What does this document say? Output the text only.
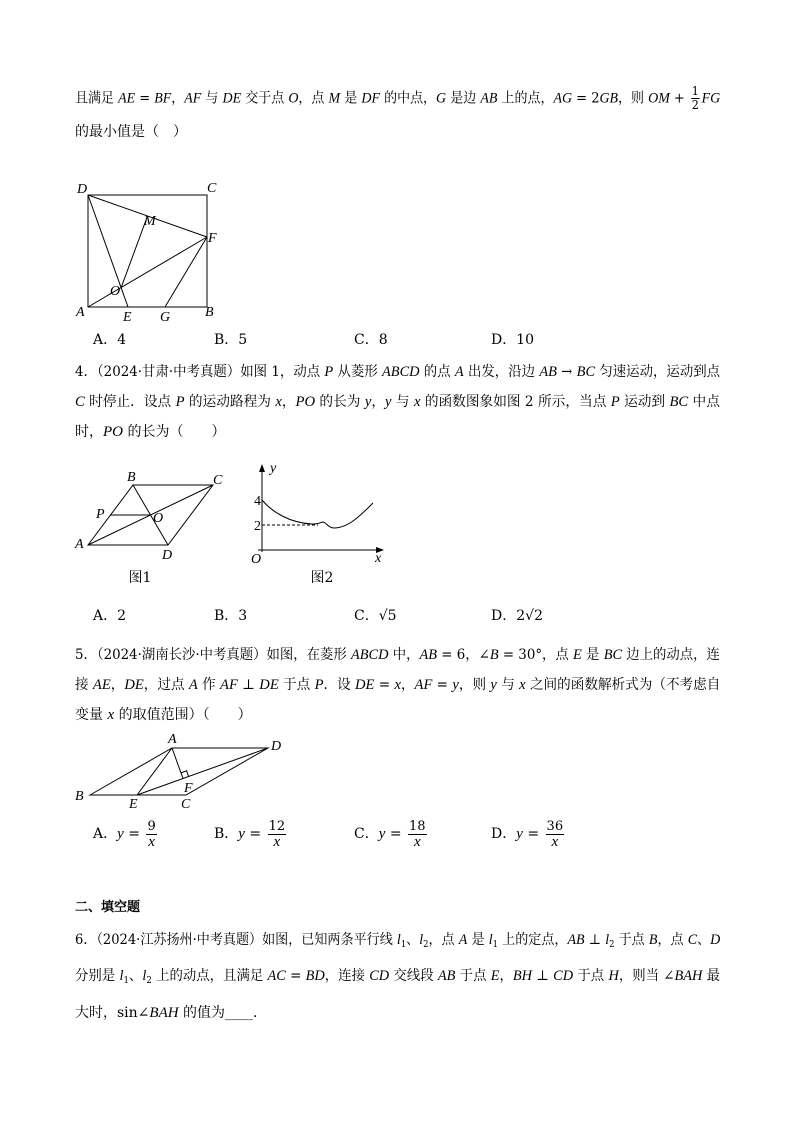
且满足 AE = BF，AF 与 DE 交于点 O，点 M 是 DF 的中点，G 是边 AB 上的点，AG = 2GB，则 OM + $\frac{1}{2}$ FG
的最小值是（　）
D	C
M
F
O
A	E G B
A．4	B．5	C．8	D．10
4．（2024·甘肃·中考真题）如图 1，动点 P 从菱形 ABCD 的点 A 出发，沿边 AB → BC 匀速运动，运动到点
C 时停止．设点 P 的运动路程为 x，PO 的长为 y，y 与 x 的函数图象如图 2 所示，当点 P 运动到 BC 中点
时，PO 的长为（　　）
B	C
P	O
A
D
图1
y
x
O
4
2
图2
A．2	B．3	C．√5	D．2√2
5．（2024·湖南长沙·中考真题）如图，在菱形 ABCD 中，AB = 6，∠B = 30°，点 E 是 BC 边上的动点，连
接 AE，DE，过点 A 作 AF ⊥ DE 于点 P．设 DE = x，AF = y，则 y 与 x 之间的函数解析式为（不考虑自
变量 x 的取值范围）（　　）
A	D
B
E
F
C
A．$y = \frac{9}{x}$	B．$y = \frac{12}{x}$	C．$y = \frac{18}{x}$	D．$y = \frac{36}{x}$
二、填空题
6．（2024·江苏扬州·中考真题）如图，已知两条平行线 $l_1$、$l_2$，点 A 是 $l_1$ 上的定点，AB ⊥ $l_2$ 于点 B，点 C、D
分别是 $l_1$、$l_2$ 上的动点，且满足 AC = BD，连接 CD 交线段 AB 于点 E，BH ⊥ CD 于点 H，则当 ∠BAH 最
大时，sin∠BAH 的值为____．
